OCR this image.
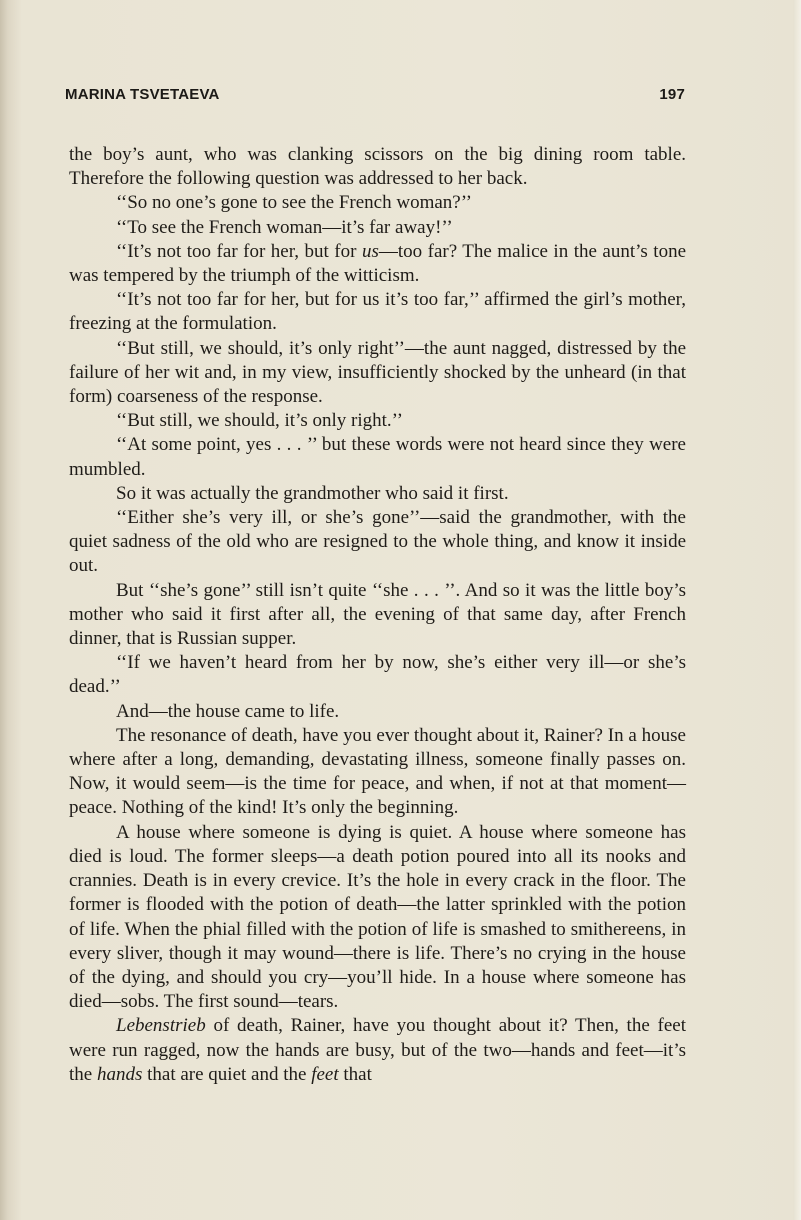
MARINA TSVETAEVA	197

the boy’s aunt, who was clanking scissors on the big dining room table. Therefore the following question was addressed to her back.

‘‘So no one’s gone to see the French woman?’’

‘‘To see the French woman—it’s far away!’’

‘‘It’s not too far for her, but for us—too far? The malice in the aunt’s tone was tempered by the triumph of the witticism.

‘‘It’s not too far for her, but for us it’s too far,’’ affirmed the girl’s mother, freezing at the formulation.

‘‘But still, we should, it’s only right’’—the aunt nagged, distressed by the failure of her wit and, in my view, insufficiently shocked by the unheard (in that form) coarseness of the response.

‘‘But still, we should, it’s only right.’’

‘‘At some point, yes . . . ’’ but these words were not heard since they were mumbled.

So it was actually the grandmother who said it first.

‘‘Either she’s very ill, or she’s gone’’—said the grandmother, with the quiet sadness of the old who are resigned to the whole thing, and know it inside out.

But ‘‘she’s gone’’ still isn’t quite ‘‘she . . . ’’. And so it was the little boy’s mother who said it first after all, the evening of that same day, after French dinner, that is Russian supper.

‘‘If we haven’t heard from her by now, she’s either very ill—or she’s dead.’’

And—the house came to life.

The resonance of death, have you ever thought about it, Rainer? In a house where after a long, demanding, devastating illness, someone finally passes on. Now, it would seem—is the time for peace, and when, if not at that moment—peace. Nothing of the kind! It’s only the beginning.

A house where someone is dying is quiet. A house where someone has died is loud. The former sleeps—a death potion poured into all its nooks and crannies. Death is in every crevice. It’s the hole in every crack in the floor. The former is flooded with the potion of death—the latter sprinkled with the potion of life. When the phial filled with the potion of life is smashed to smithereens, in every sliver, though it may wound—there is life. There’s no crying in the house of the dying, and should you cry—you’ll hide. In a house where someone has died—sobs. The first sound—tears.

Lebenstrieb of death, Rainer, have you thought about it? Then, the feet were run ragged, now the hands are busy, but of the two—hands and feet—it’s the hands that are quiet and the feet that
